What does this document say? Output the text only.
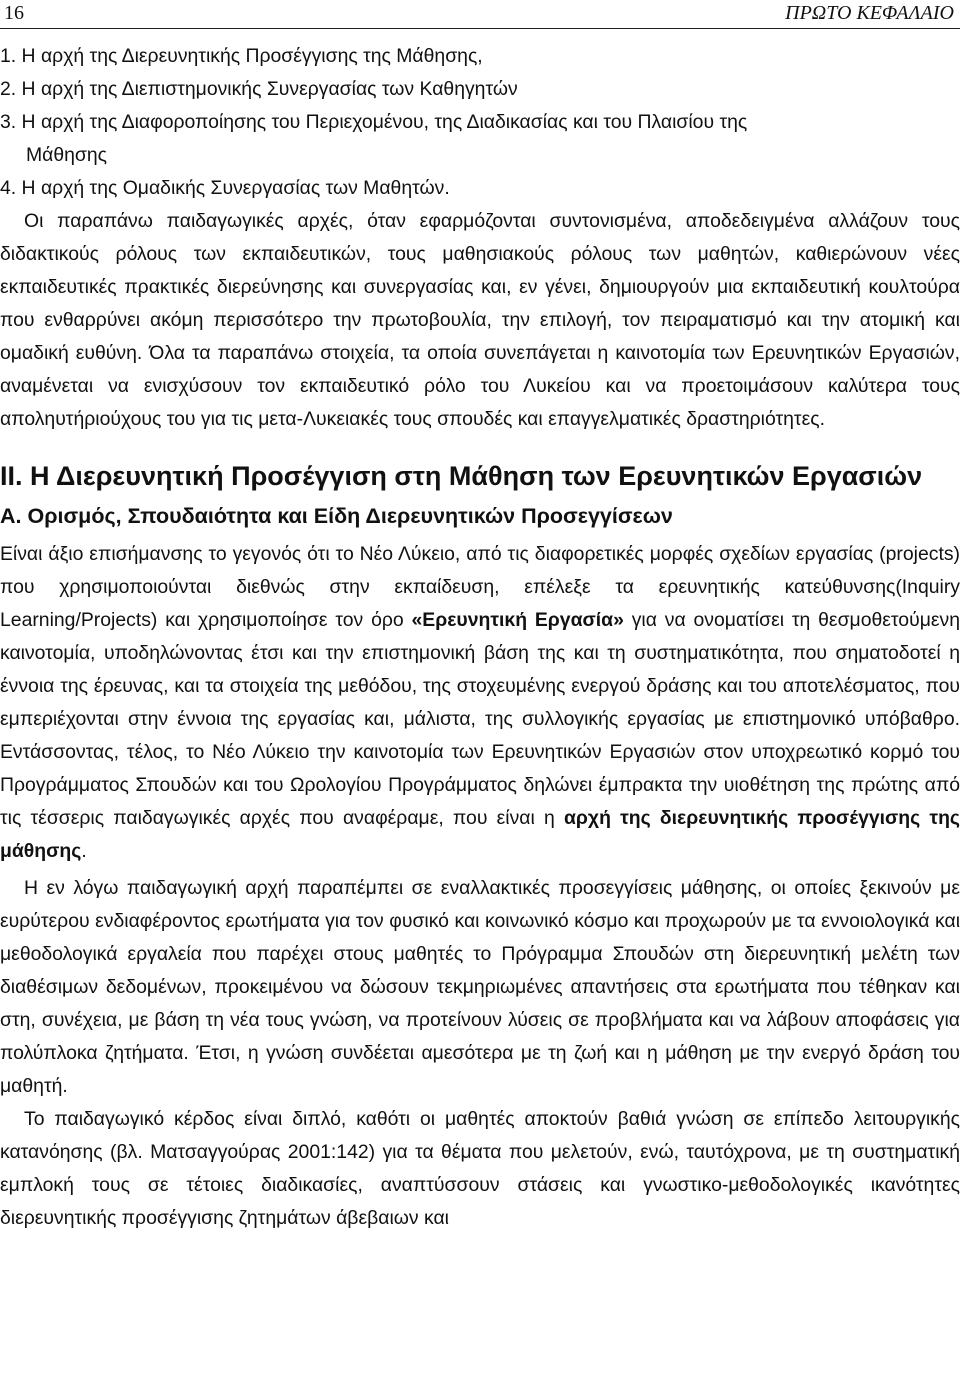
16	ΠΡΩΤΟ ΚΕΦΑΛΑΙΟ
1. Η αρχή της Διερευνητικής Προσέγγισης της Μάθησης,
2. Η αρχή της Διεπιστημονικής Συνεργασίας των Καθηγητών
3. Η αρχή της Διαφοροποίησης του Περιεχομένου, της Διαδικασίας και του Πλαισίου της
Μάθησης
4. Η αρχή της Ομαδικής Συνεργασίας των Μαθητών.

Οι παραπάνω παιδαγωγικές αρχές, όταν εφαρμόζονται συντονισμένα, αποδεδειγμένα αλλάζουν τους διδακτικούς ρόλους των εκπαιδευτικών, τους μαθησιακούς ρόλους των μαθητών, καθιερώνουν νέες εκπαιδευτικές πρακτικές διερεύνησης και συνεργασίας και, εν γένει, δημιουργούν μια εκπαιδευτική κουλτούρα που ενθαρρύνει ακόμη περισσότερο την πρωτοβουλία, την επιλογή, τον πειραματισμό και την ατομική και ομαδική ευθύνη. Όλα τα παραπάνω στοιχεία, τα οποία συνεπάγεται η καινοτομία των Ερευνητικών Εργασιών, αναμένεται να ενισχύσουν τον εκπαιδευτικό ρόλο του Λυκείου και να προετοιμάσουν καλύτερα τους αποληυτήριούχους του για τις μετα-Λυκειακές τους σπουδές και επαγγελματικές δραστηριότητες.

ΙΙ. Η Διερευνητική Προσέγγιση στη Μάθηση των Ερευνητικών Εργασιών
Α. Ορισμός, Σπουδαιότητα και Είδη Διερευνητικών Προσεγγίσεων

Είναι άξιο επισήμανσης το γεγονός ότι το Νέο Λύκειο, από τις διαφορετικές μορφές σχεδίων εργασίας (projects) που χρησιμοποιούνται διεθνώς στην εκπαίδευση, επέλεξε τα ερευνητικής κατεύθυνσης(Inquiry Learning/Projects) και χρησιμοποίησε τον όρο «Ερευνητική Εργασία» για να ονοματίσει τη θεσμοθετούμενη καινοτομία, υποδηλώνοντας έτσι και την επιστημονική βάση της και τη συστηματικότητα, που σηματοδοτεί η έννοια της έρευνας, και τα στοιχεία της μεθόδου, της στοχευμένης ενεργού δράσης και του αποτελέσματος, που εμπεριέχονται στην έννοια της εργασίας και, μάλιστα, της συλλογικής εργασίας με επιστημονικό υπόβαθρο. Εντάσσοντας, τέλος, το Νέο Λύκειο την καινοτομία των Ερευνητικών Εργασιών στον υποχρεωτικό κορμό του Προγράμματος Σπουδών και του Ωρολογίου Προγράμματος δηλώνει έμπρακτα την υιοθέτηση της πρώτης από τις τέσσερις παιδαγωγικές αρχές που αναφέραμε, που είναι η αρχή της διερευνητικής προσέγγισης της μάθησης.

Η εν λόγω παιδαγωγική αρχή παραπέμπει σε εναλλακτικές προσεγγίσεις μάθησης, οι οποίες ξεκινούν με ευρύτερου ενδιαφέροντος ερωτήματα για τον φυσικό και κοινωνικό κόσμο και προχωρούν με τα εννοιολογικά και μεθοδολογικά εργαλεία που παρέχει στους μαθητές το Πρόγραμμα Σπουδών στη διερευνητική μελέτη των διαθέσιμων δεδομένων, προκειμένου να δώσουν τεκμηριωμένες απαντήσεις στα ερωτήματα που τέθηκαν και στη, συνέχεια, με βάση τη νέα τους γνώση, να προτείνουν λύσεις σε προβλήματα και να λάβουν αποφάσεις για πολύπλοκα ζητήματα. Έτσι, η γνώση συνδέεται αμεσότερα με τη ζωή και η μάθηση με την ενεργό δράση του μαθητή.

Το παιδαγωγικό κέρδος είναι διπλό, καθότι οι μαθητές αποκτούν βαθιά γνώση σε επίπεδο λειτουργικής κατανόησης (βλ. Ματσαγγούρας 2001:142) για τα θέματα που μελετούν, ενώ, ταυτόχρονα, με τη συστηματική εμπλοκή τους σε τέτοιες διαδικασίες, αναπτύσσουν στάσεις και γνωστικο-μεθοδολογικές ικανότητες διερευνητικής προσέγγισης ζητημάτων άβεβαιων και
